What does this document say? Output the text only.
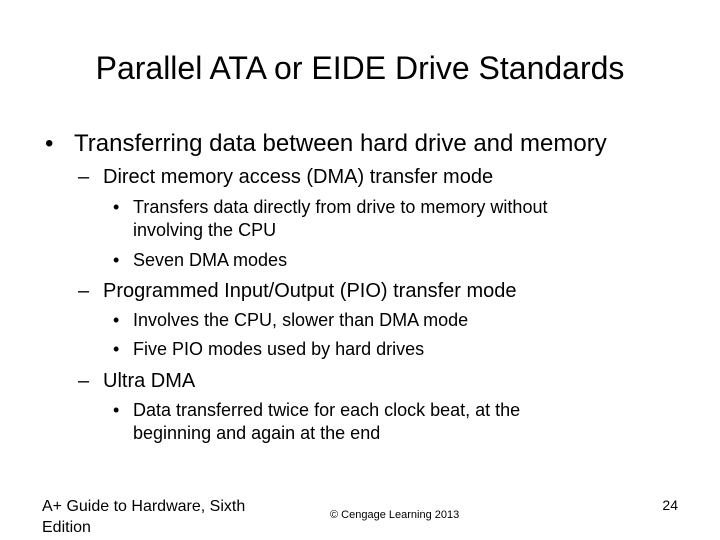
Parallel ATA or EIDE Drive Standards
• Transferring data between hard drive and memory
– Direct memory access (DMA) transfer mode
• Transfers data directly from drive to memory without
involving the CPU
• Seven DMA modes
– Programmed Input/Output (PIO) transfer mode
• Involves the CPU, slower than DMA mode
• Five PIO modes used by hard drives
– Ultra DMA
• Data transferred twice for each clock beat, at the
beginning and again at the end
A+ Guide to Hardware, Sixth Edition
© Cengage Learning 2013
24
